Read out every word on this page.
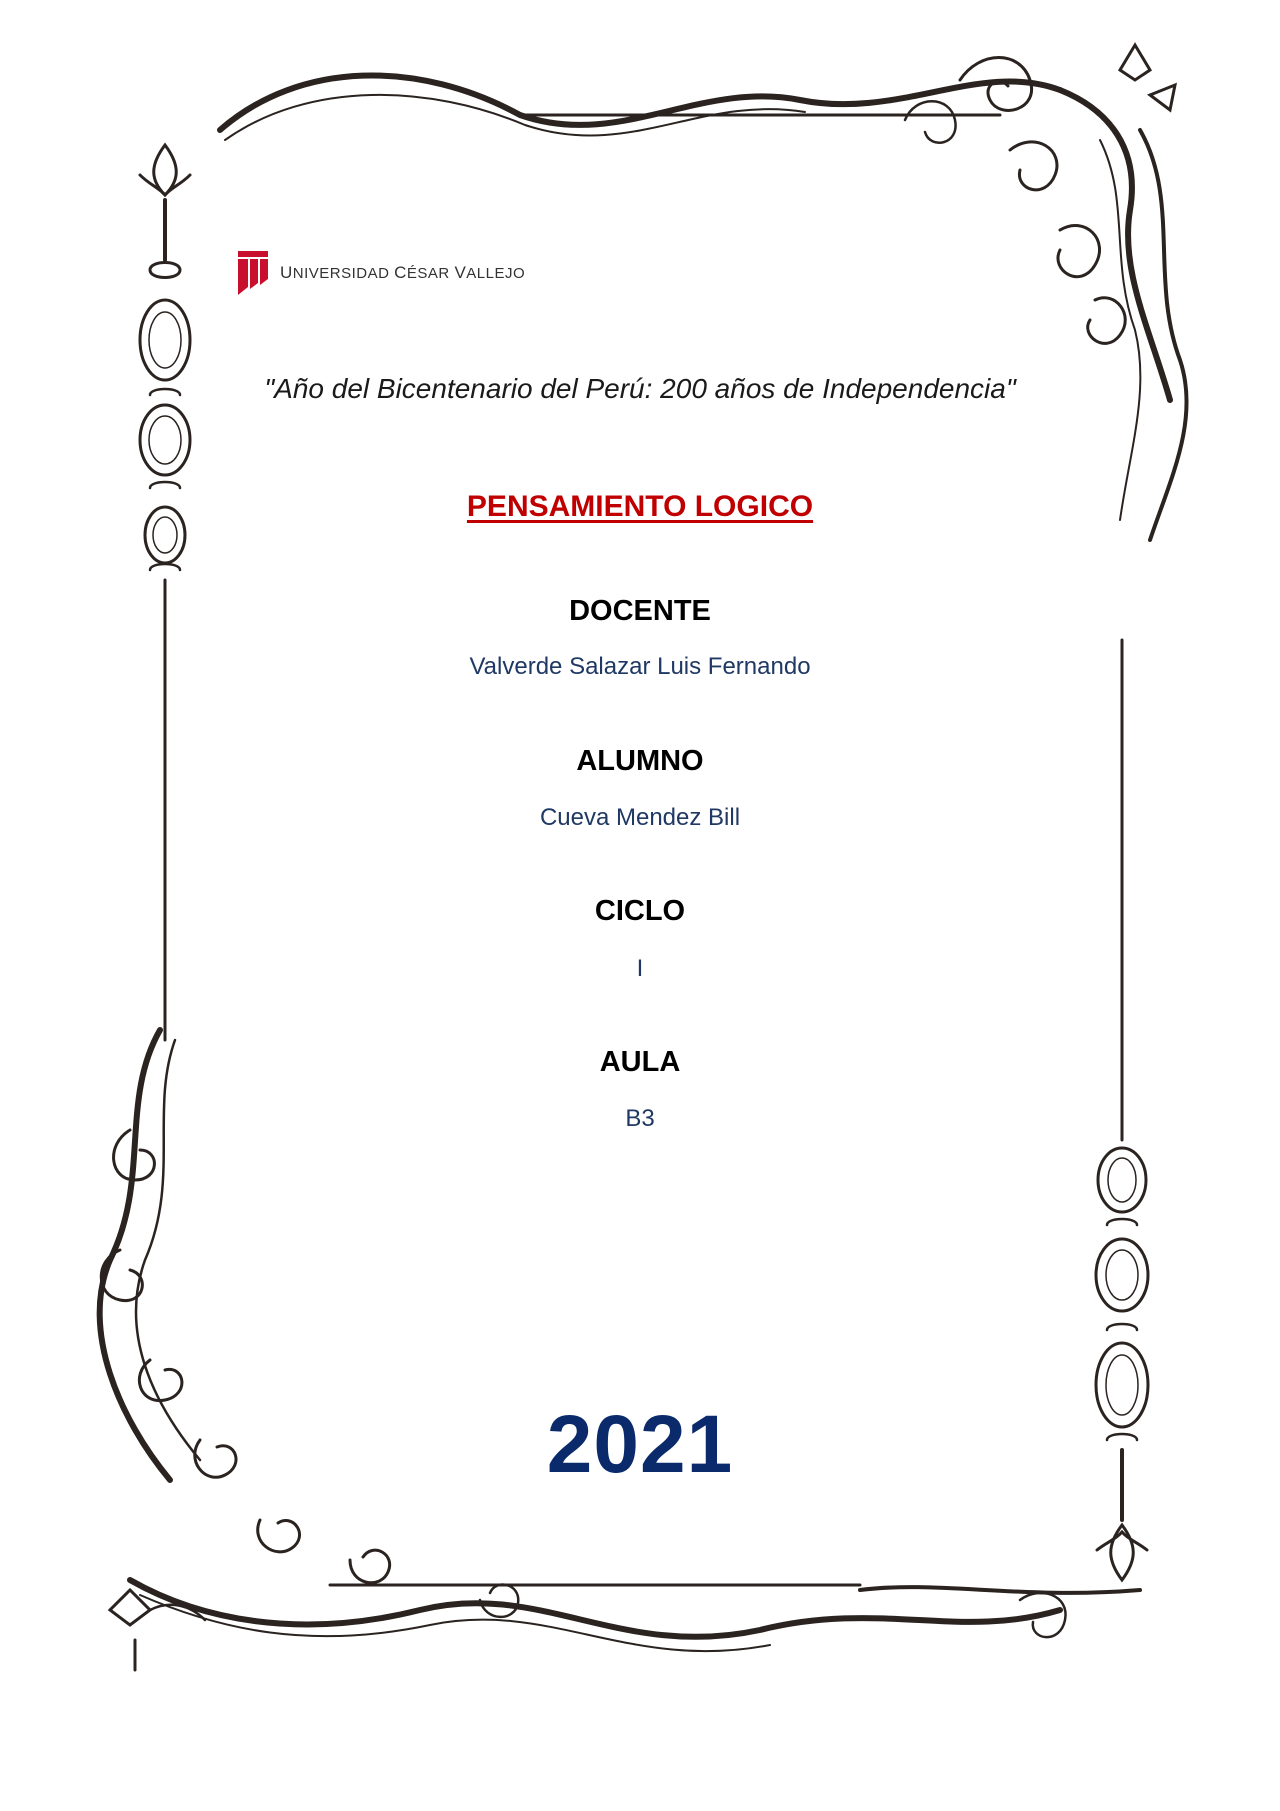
UNIVERSIDAD CÉSAR VALLEJO
"Año del Bicentenario del Perú: 200 años de Independencia"
PENSAMIENTO LOGICO
DOCENTE
Valverde Salazar Luis Fernando
ALUMNO
Cueva Mendez Bill
CICLO
I
AULA
B3
2021
